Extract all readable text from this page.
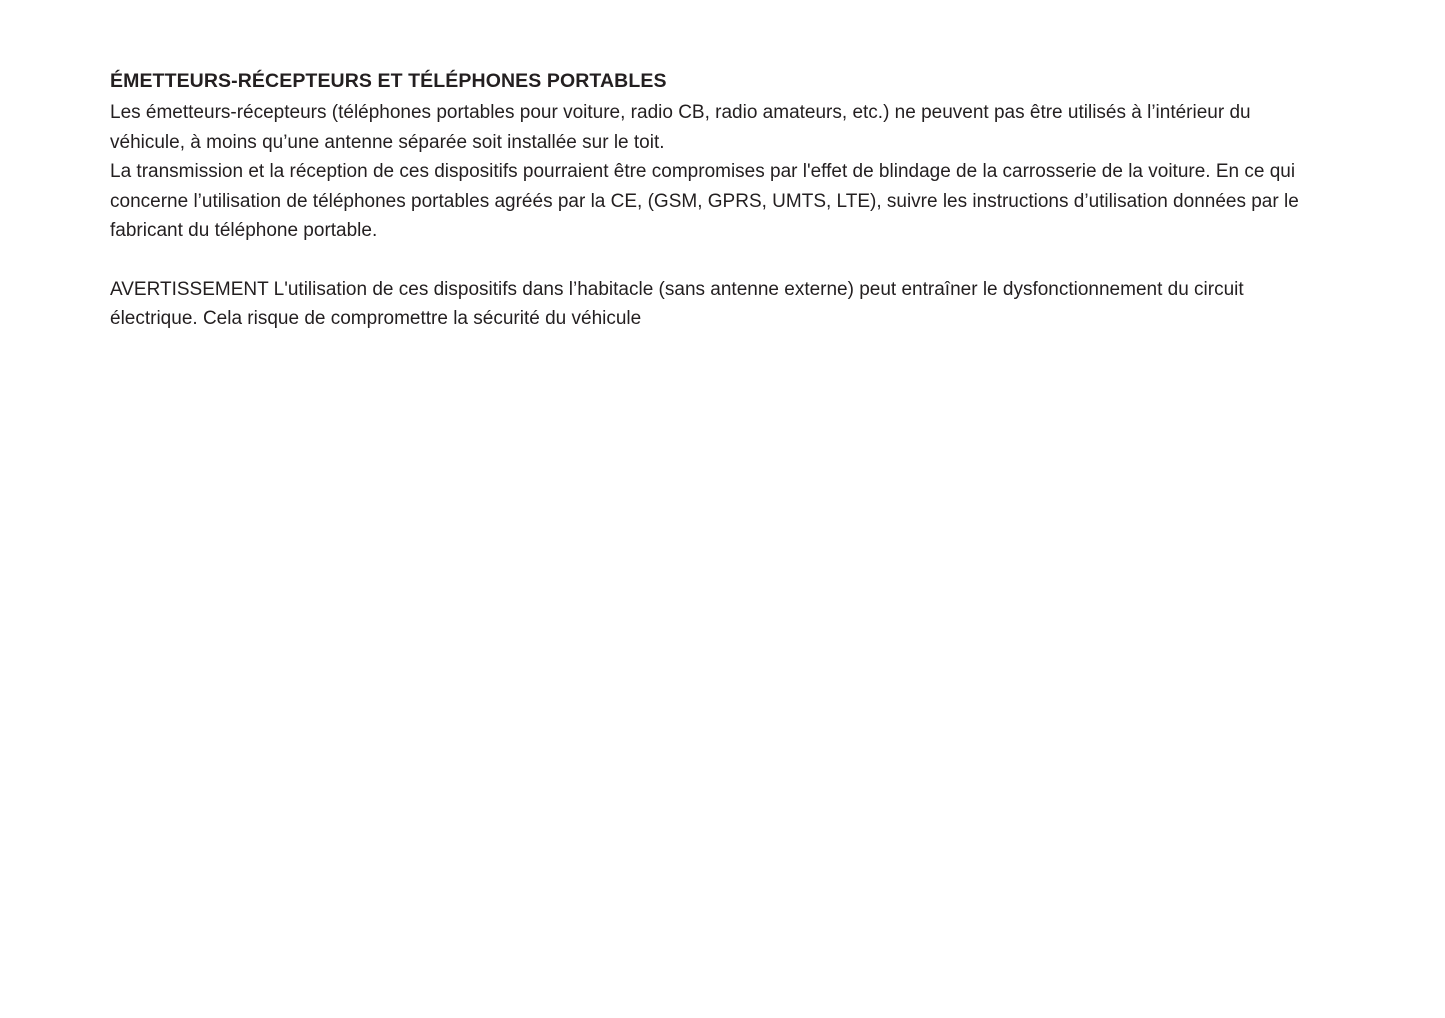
ÉMETTEURS-RÉCEPTEURS ET TÉLÉPHONES PORTABLES

Les émetteurs-récepteurs (téléphones portables pour voiture, radio CB, radio amateurs, etc.) ne peuvent pas être utilisés à l’intérieur du véhicule, à moins qu’une antenne séparée soit installée sur le toit.

La transmission et la réception de ces dispositifs pourraient être compromises par l'effet de blindage de la carrosserie de la voiture. En ce qui concerne l’utilisation de téléphones portables agréés par la CE, (GSM, GPRS, UMTS, LTE), suivre les instructions d’utilisation données par le fabricant du téléphone portable.

AVERTISSEMENT L'utilisation de ces dispositifs dans l’habitacle (sans antenne externe) peut entraîner le dysfonctionnement du circuit électrique. Cela risque de compromettre la sécurité du véhicule
